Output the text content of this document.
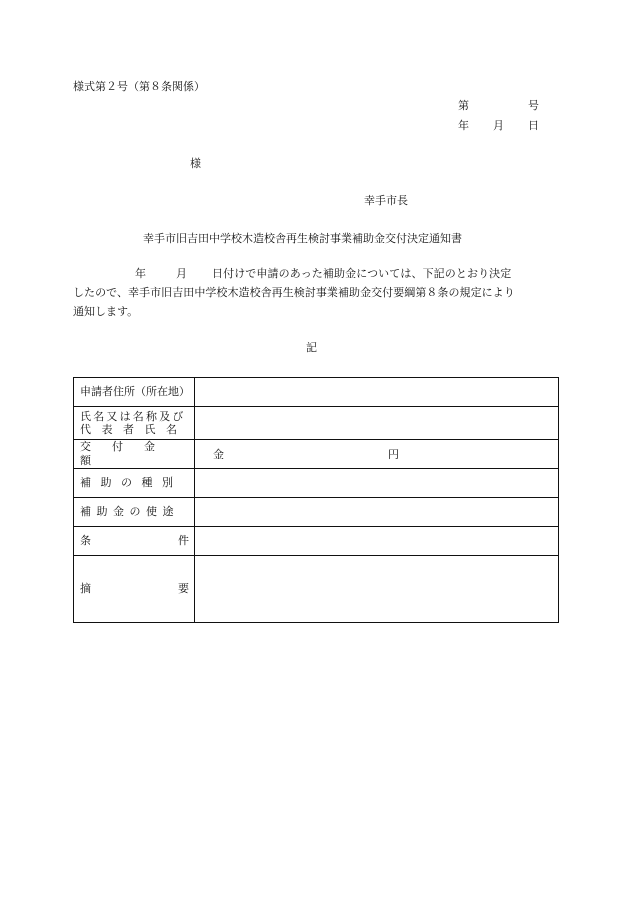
様式第２号（第８条関係）
第	号
年 月 日
様
幸手市長
幸手市旧吉田中学校木造校舎再生検討事業補助金交付決定通知書
年	月 日付けで申請のあった補助金については、下記のとおり決定
したので、幸手市旧吉田中学校木造校舎再生検討事業補助金交付要綱第８条の規定により
通知します。
記
申請者住所（所在地）	

氏名又は名称及び
代表者氏名	

交付金額	金 円

補助の種別	

補助金の使途	

条 件	

摘 要	
